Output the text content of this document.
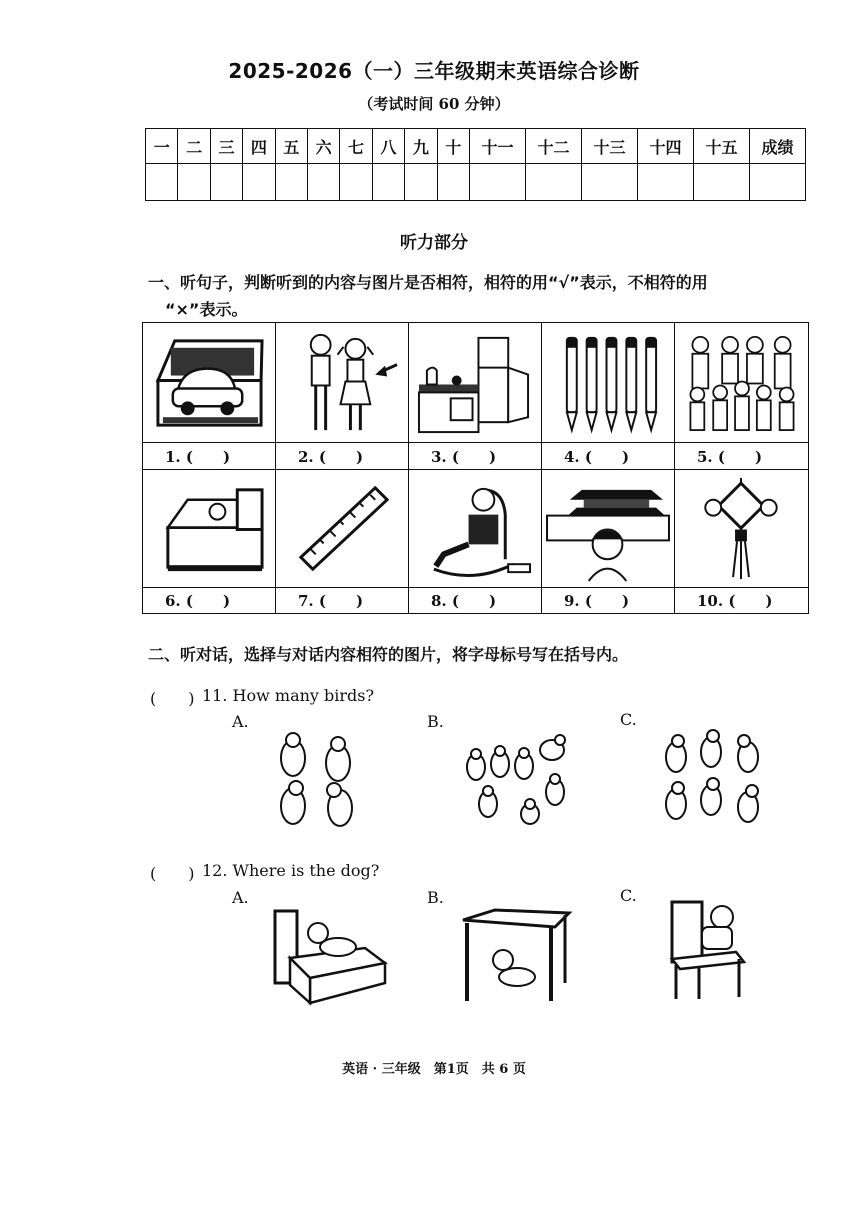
2025-2026（一）三年级期末英语综合诊断
（考试时间 60 分钟）
一	二	三	四	五	六	七	八	九	十	十一	十二	十三	十四	十五	成绩

听力部分
一、听句子，判断听到的内容与图片是否相符，相符的用“√”表示，不相符的用
“×”表示。
1. (　　)	2. (　　)	3. (　　)	4. (　　)	5. (　　)
6. (　　)	7. (　　)	8. (　　)	9. (　　)	10. (　　)
二、听对话，选择与对话内容相符的图片，将字母标号写在括号内。
(　　) 11. How many birds?
A.	B.	C.
(　　) 12. Where is the dog?
A.	B.	C.
英语 · 三年级　第1页　共 6 页
